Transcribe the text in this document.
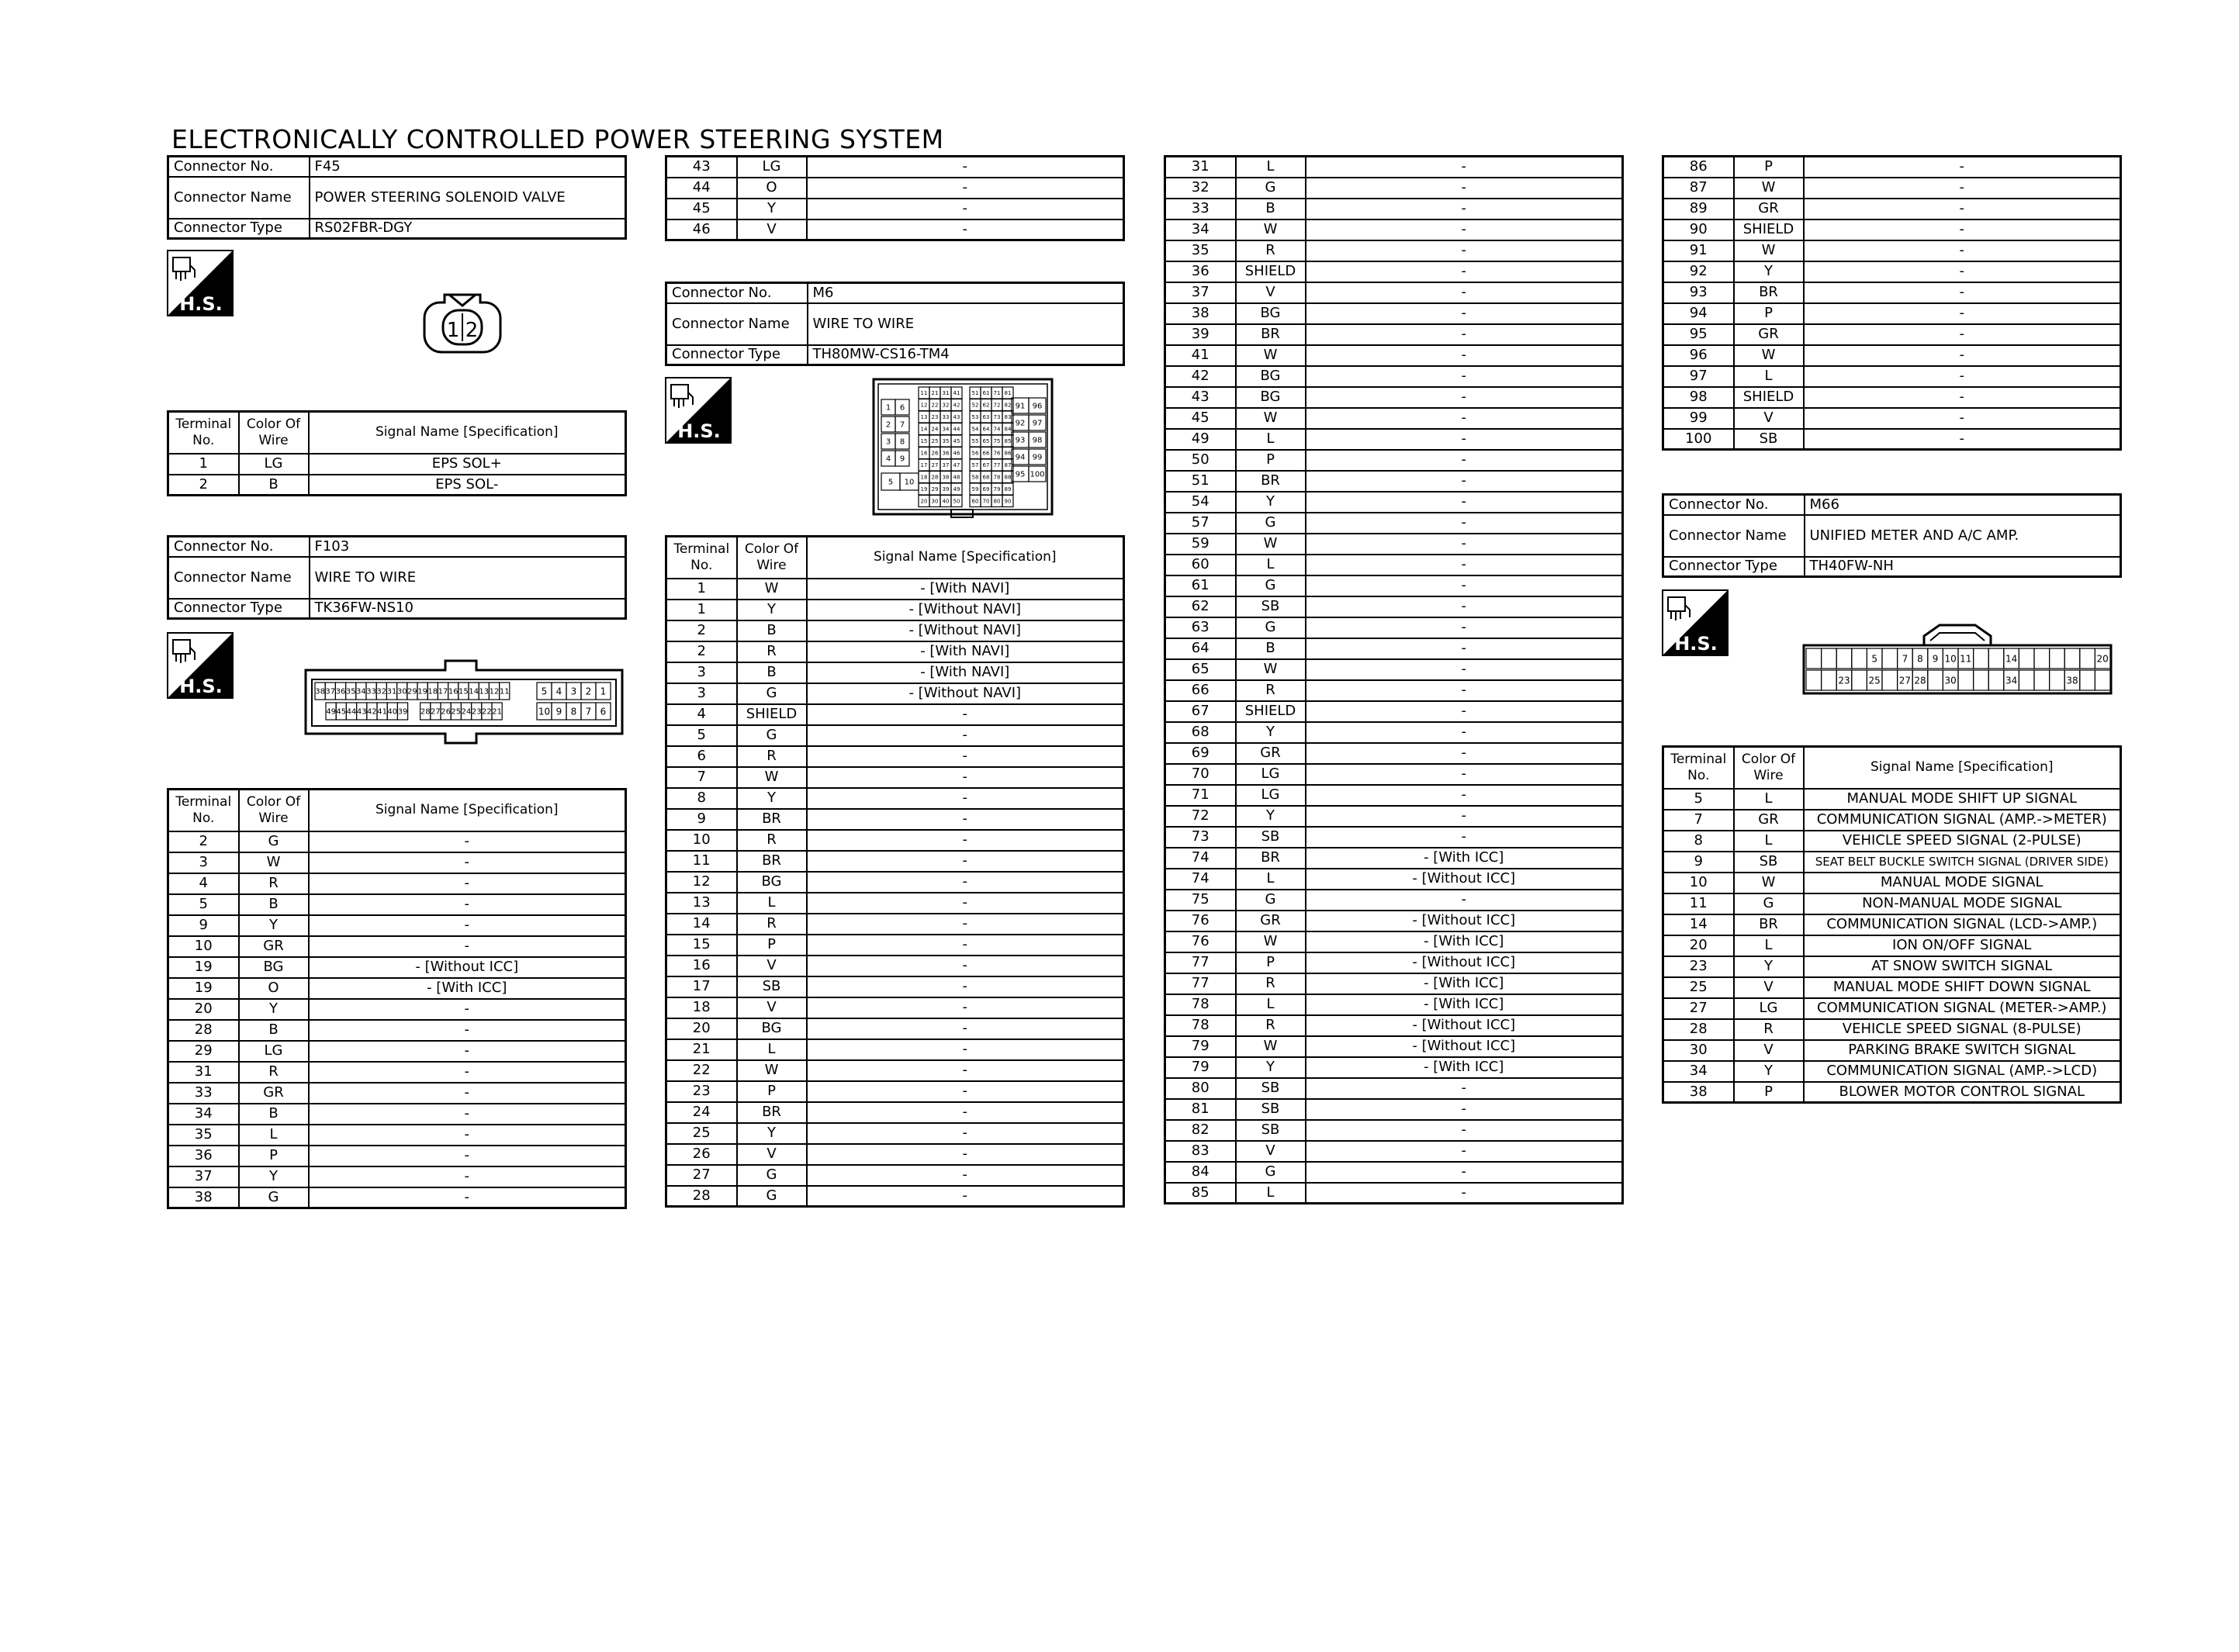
ELECTRONICALLY CONTROLLED POWER STEERING SYSTEM
Connector No.	F45
Connector Name	POWER STEERING SOLENOID VALVE
Connector Type	RS02FBR-DGY
H.S.
1 2
Terminal
No.	Color Of
Wire	Signal Name [Specification]
1	LG	EPS SOL+
2	B	EPS SOL-
Connector No.	F103
Connector Name	WIRE TO WIRE
Connector Type	TK36FW-NS10
H.S.	38 37 36 35 34 33 32 31 30 29 19 18 17 16 15 14 13 12 11
49 45 44 43 42 41 40 39 28 27 26 25 24 23 22 21
5 4 3 2 1
10 9 8 7 6
Terminal
No.	Color Of
Wire	Signal Name [Specification]
2	G	-
3	W	-
4	R	-
5	B	-
9	Y	-
10	GR	-
19	BG	- [Without ICC]
19	O	- [With ICC]
20	Y	-
28	B	-
29	LG	-
31	R	-
33	GR	-
34	B	-
35	L	-
36	P	-
37	Y	-
38	G	-
43	LG	-
44	O	-
45	Y	-
46	V	-
Connector No.	M6
Connector Name	WIRE TO WIRE
Connector Type	TH80MW-CS16-TM4
H.S.
1 6
2 7
3 8
4 9
5 10
11
12
13
14
15
16
17
18
19
20
21
22
23
24
25
26
27
28
29
30
31
32
33
34
35
36
37
38
39
40
41
42
43
44
45
46
47
48
49
50
51
52
53
54
55
56
57
58
59
60
61
62
63
64
65
66
67
68
69
70
71
72
73
74
75
76
77
78
79
80
81
82
83
84
85
86
87
88
89
90
91 96
92 97
93 98
94 99
95 100
Terminal
No.	Color Of
Wire	Signal Name [Specification]
1	W	- [With NAVI]
1	Y	- [Without NAVI]
2	B	- [Without NAVI]
2	R	- [With NAVI]
3	B	- [With NAVI]
3	G	- [Without NAVI]
4	SHIELD	-
5	G	-
6	R	-
7	W	-
8	Y	-
9	BR	-
10	R	-
11	BR	-
12	BG	-
13	L	-
14	R	-
15	P	-
16	V	-
17	SB	-
18	V	-
20	BG	-
21	L	-
22	W	-
23	P	-
24	BR	-
25	Y	-
26	V	-
27	G	-
28	G	-
31	L	-
32	G	-
33	B	-
34	W	-
35	R	-
36	SHIELD	-
37	V	-
38	BG	-
39	BR	-
41	W	-
42	BG	-
43	BG	-
45	W	-
49	L	-
50	P	-
51	BR	-
54	Y	-
57	G	-
59	W	-
60	L	-
61	G	-
62	SB	-
63	G	-
64	B	-
65	W	-
66	R	-
67	SHIELD	-
68	Y	-
69	GR	-
70	LG	-
71	LG	-
72	Y	-
73	SB	-
74	BR	- [With ICC]
74	L	- [Without ICC]
75	G	-
76	GR	- [Without ICC]
76	W	- [With ICC]
77	P	- [Without ICC]
77	R	- [With ICC]
78	L	- [With ICC]
78	R	- [Without ICC]
79	W	- [Without ICC]
79	Y	- [With ICC]
80	SB	-
81	SB	-
82	SB	-
83	V	-
84	G	-
85	L	-
86	P	-
87	W	-
89	GR	-
90	SHIELD	-
91	W	-
92	Y	-
93	BR	-
94	P	-
95	GR	-
96	W	-
97	L	-
98	SHIELD	-
99	V	-
100	SB	-
Connector No.	M66
Connector Name	UNIFIED METER AND A/C AMP.
Connector Type	TH40FW-NH
H.S.
5	7 8 9 10 11	14	20
23 25 27 28 30	34	38
Terminal
No.	Color Of
Wire	Signal Name [Specification]
5	L	MANUAL MODE SHIFT UP SIGNAL
7	GR	COMMUNICATION SIGNAL (AMP.->METER)
8	L	VEHICLE SPEED SIGNAL (2-PULSE)
9	SB	SEAT BELT BUCKLE SWITCH SIGNAL (DRIVER SIDE)
10	W	MANUAL MODE SIGNAL
11	G	NON-MANUAL MODE SIGNAL
14	BR	COMMUNICATION SIGNAL (LCD->AMP.)
20	L	ION ON/OFF SIGNAL
23	Y	AT SNOW SWITCH SIGNAL
25	V	MANUAL MODE SHIFT DOWN SIGNAL
27	LG	COMMUNICATION SIGNAL (METER->AMP.)
28	R	VEHICLE SPEED SIGNAL (8-PULSE)
30	V	PARKING BRAKE SWITCH SIGNAL
34	Y	COMMUNICATION SIGNAL (AMP.->LCD)
38	P	BLOWER MOTOR CONTROL SIGNAL
